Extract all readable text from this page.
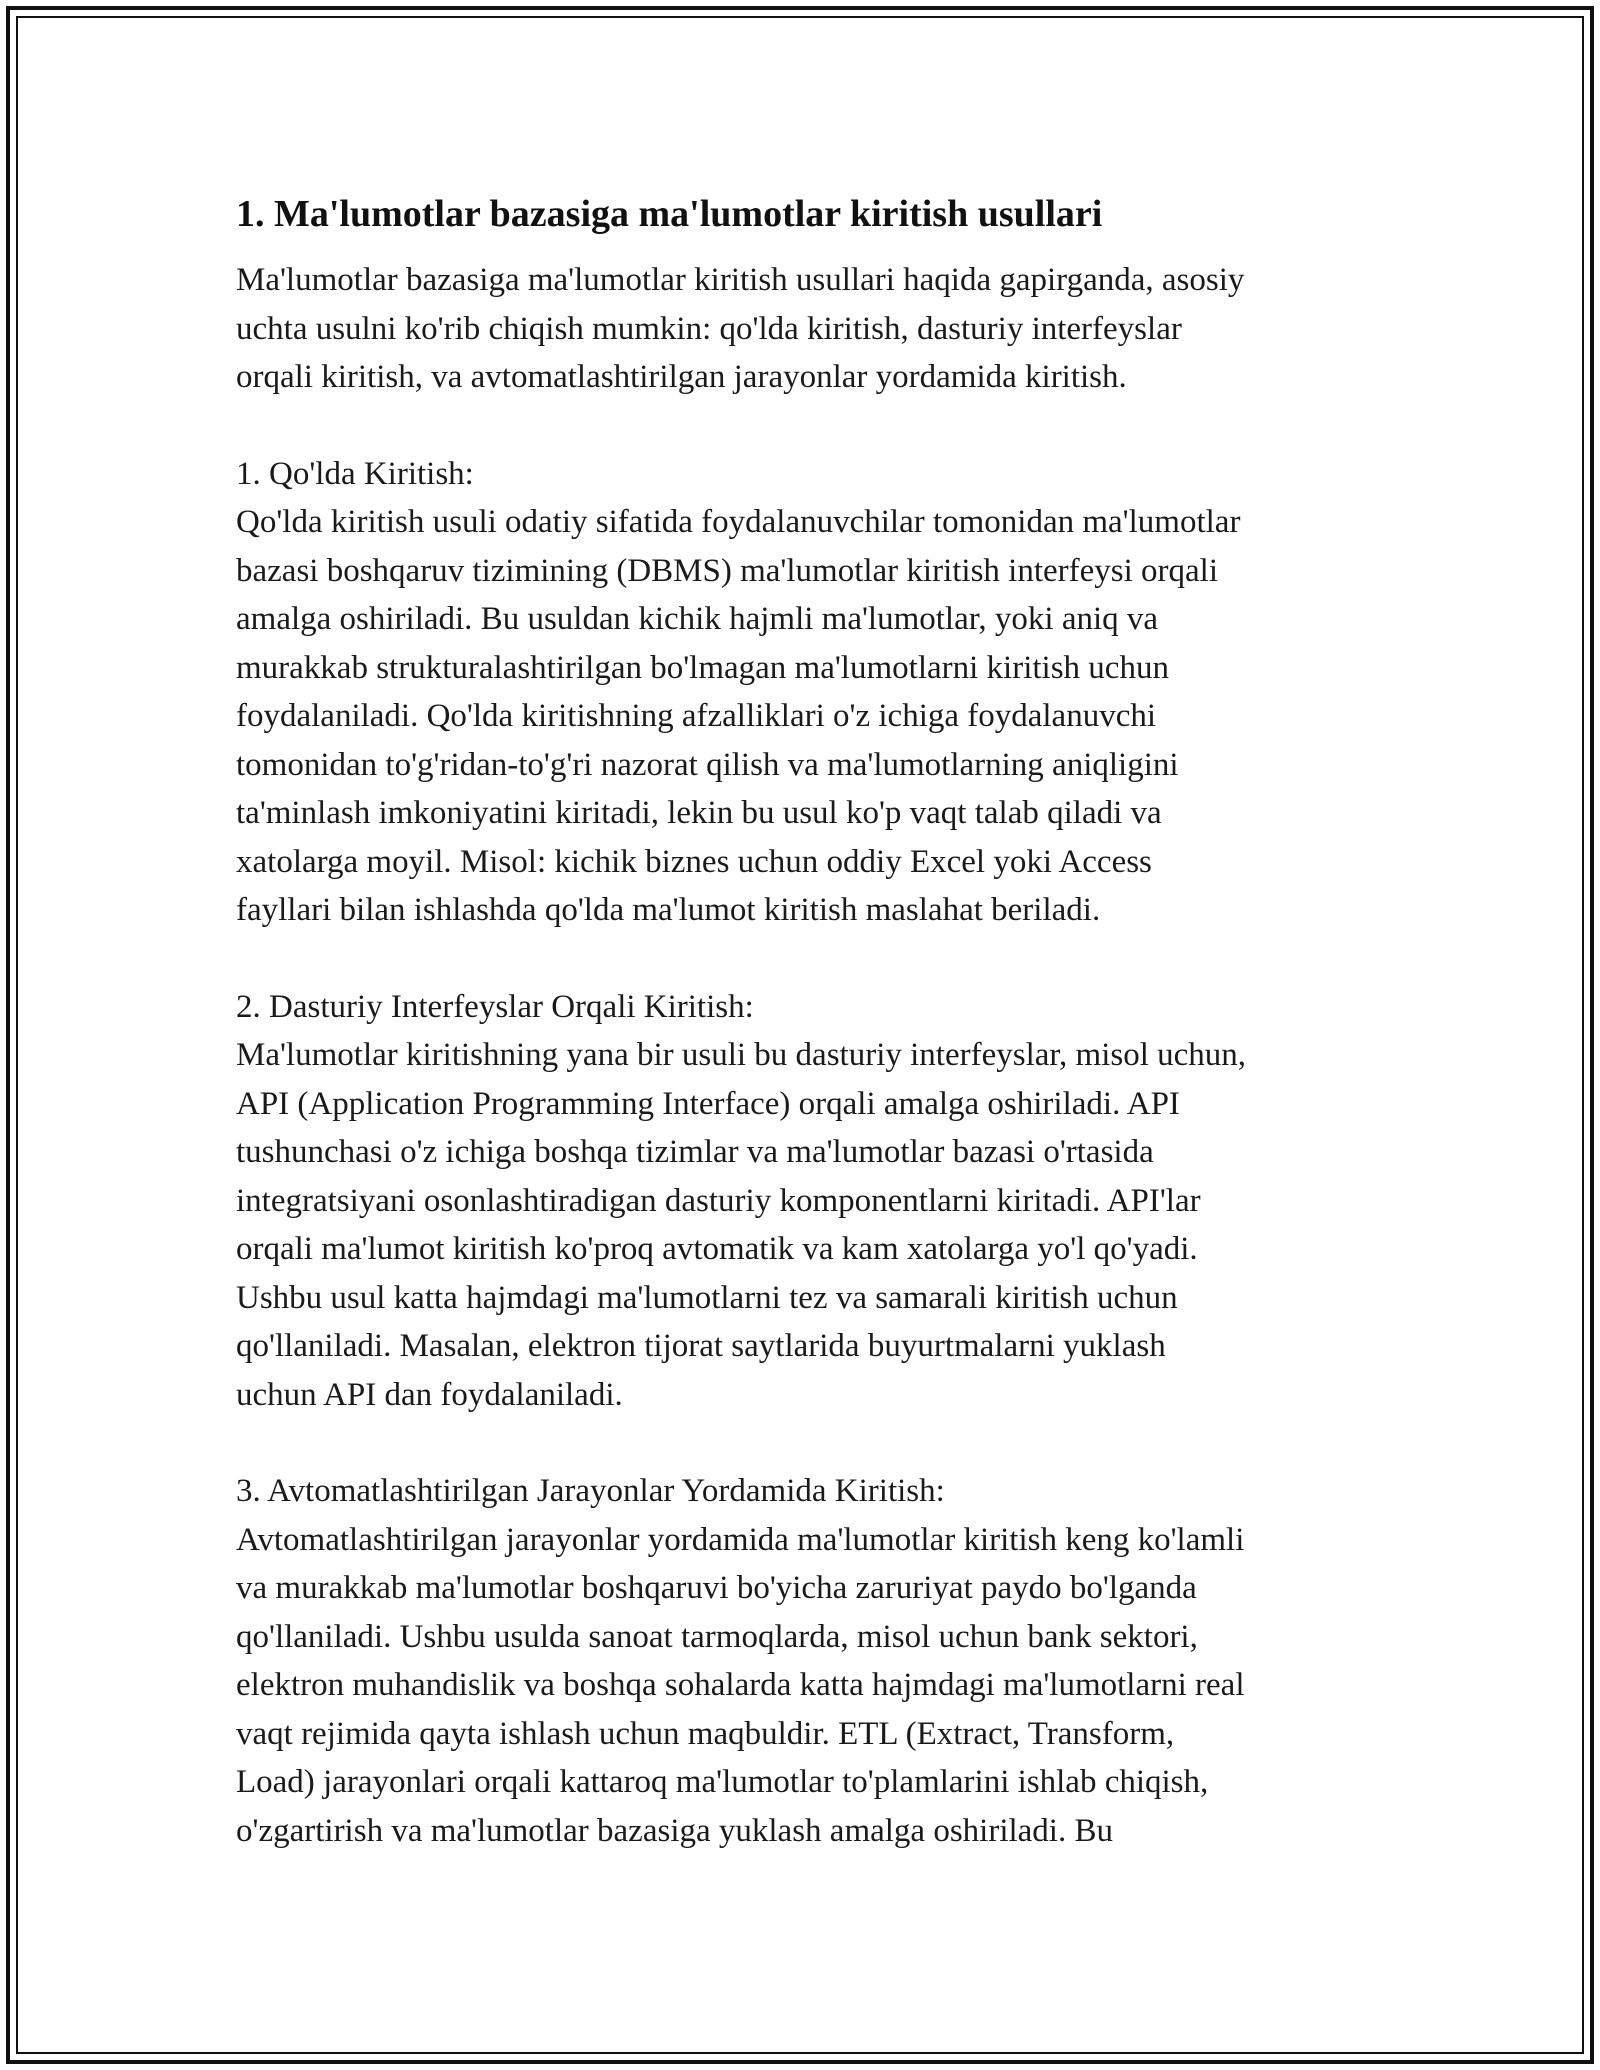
1. Ma'lumotlar bazasiga ma'lumotlar kiritish usullari

Ma'lumotlar bazasiga ma'lumotlar kiritish usullari haqida gapirganda, asosiy
uchta usulni ko'rib chiqish mumkin: qo'lda kiritish, dasturiy interfeyslar
orqali kiritish, va avtomatlashtirilgan jarayonlar yordamida kiritish.

1. Qo'lda Kiritish:

Qo'lda kiritish usuli odatiy sifatida foydalanuvchilar tomonidan ma'lumotlar
bazasi boshqaruv tizimining (DBMS) ma'lumotlar kiritish interfeysi orqali
amalga oshiriladi. Bu usuldan kichik hajmli ma'lumotlar, yoki aniq va
murakkab strukturalashtirilgan bo'lmagan ma'lumotlarni kiritish uchun
foydalaniladi. Qo'lda kiritishning afzalliklari o'z ichiga foydalanuvchi
tomonidan to'g'ridan-to'g'ri nazorat qilish va ma'lumotlarning aniqligini
ta'minlash imkoniyatini kiritadi, lekin bu usul ko'p vaqt talab qiladi va
xatolarga moyil. Misol: kichik biznes uchun oddiy Excel yoki Access
fayllari bilan ishlashda qo'lda ma'lumot kiritish maslahat beriladi.

2. Dasturiy Interfeyslar Orqali Kiritish:

Ma'lumotlar kiritishning yana bir usuli bu dasturiy interfeyslar, misol uchun,
API (Application Programming Interface) orqali amalga oshiriladi. API
tushunchasi o'z ichiga boshqa tizimlar va ma'lumotlar bazasi o'rtasida
integratsiyani osonlashtiradigan dasturiy komponentlarni kiritadi. API'lar
orqali ma'lumot kiritish ko'proq avtomatik va kam xatolarga yo'l qo'yadi.
Ushbu usul katta hajmdagi ma'lumotlarni tez va samarali kiritish uchun
qo'llaniladi. Masalan, elektron tijorat saytlarida buyurtmalarni yuklash
uchun API dan foydalaniladi.

3. Avtomatlashtirilgan Jarayonlar Yordamida Kiritish:

Avtomatlashtirilgan jarayonlar yordamida ma'lumotlar kiritish keng ko'lamli
va murakkab ma'lumotlar boshqaruvi bo'yicha zaruriyat paydo bo'lganda
qo'llaniladi. Ushbu usulda sanoat tarmoqlarda, misol uchun bank sektori,
elektron muhandislik va boshqa sohalarda katta hajmdagi ma'lumotlarni real
vaqt rejimida qayta ishlash uchun maqbuldir. ETL (Extract, Transform,
Load) jarayonlari orqali kattaroq ma'lumotlar to'plamlarini ishlab chiqish,
o'zgartirish va ma'lumotlar bazasiga yuklash amalga oshiriladi. Bu
